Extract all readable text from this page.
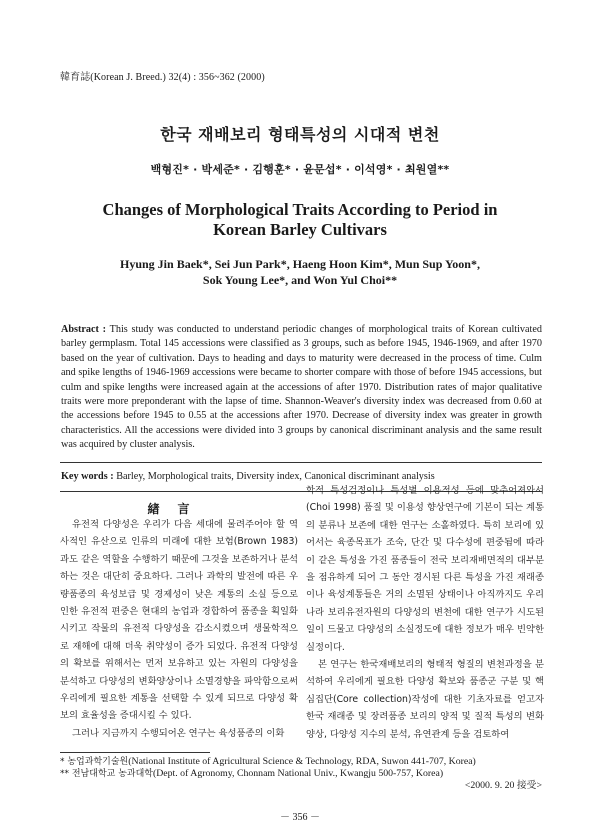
韓育誌(Korean J. Breed.) 32(4) : 356~362 (2000)
한국 재배보리 형태특성의 시대적 변천
백형진* · 박세준* · 김행훈* · 윤문섭* · 이석영* · 최원열**
Changes of Morphological Traits According to Period in
Korean Barley Cultivars
Hyung Jin Baek*, Sei Jun Park*, Haeng Hoon Kim*, Mun Sup Yoon*,
Sok Young Lee*, and Won Yul Choi**
Abstract : This study was conducted to understand periodic changes of morphological traits of Korean cultivated barley germplasm. Total 145 accessions were classified as 3 groups, such as before 1945, 1946-1969, and after 1970 based on the year of cultivation. Days to heading and days to maturity were decreased in the process of time. Culm and spike lengths of 1946-1969 accessions were became to shorter compare with those of before 1945 accessions, but culm and spike lengths were increased again at the accessions of after 1970. Distribution rates of major qualitative traits were more preponderant with the lapse of time. Shannon-Weaver's diversity index was decreased from 0.60 at the accessions before 1945 to 0.55 at the accessions after 1970. Decrease of diversity index was greater in growth characteristics. All the accessions were divided into 3 groups by canonical discriminant analysis and the same result was acquired by cluster analysis.
Key words : Barley, Morphological traits, Diversity index, Canonical discriminant analysis
緖言

유전적 다양성은 우리가 다음 세대에 물려주어야 할 역사적인 유산으로 인류의 미래에 대한 보험(Brown 1983)과도 같은 역할을 수행하기 때문에 그것을 보존하거나 분석하는 것은 대단히 중요하다. 그러나 과학의 발전에 따른 우량품종의 육성보급 및 경제성이 낮은 계통의 소실 등으로 인한 유전적 편중은 현대의 농업과 경합하여 품종을 획일화시키고 작물의 유전적 다양성을 감소시켰으며 생물학적으로 재해에 대해 더욱 취약성이 증가 되었다. 유전적 다양성의 확보를 위해서는 먼저 보유하고 있는 자원의 다양성을 분석하고 다양성의 변화양상이나 소멸경향을 파악함으로써 우리에게 필요한 계통을 선택할 수 있게 되므로 다양성 확보의 효율성을 증대시킬 수 있다.

그러나 지금까지 수행되어온 연구는 육성품종의 이화

학적 특성검정이나 특성별 이용적성 등에 맞추어져와서(Choi 1998) 품질 및 이용성 향상연구에 기본이 되는 계통의 분류나 보존에 대한 연구는 소홀하였다. 특히 보리에 있어서는 육종목표가 조숙, 단간 및 다수성에 편중됨에 따라 이 같은 특성을 가진 품종들이 전국 보리재배면적의 대부분을 점유하게 되어 그 동안 경시된 다른 특성을 가진 재래종이나 육성계통들은 거의 소멸된 상태이나 아직까지도 우리 나라 보리유전자원의 다양성의 변천에 대한 연구가 시도된 일이 드물고 다양성의 소실정도에 대한 정보가 매우 빈약한 실정이다.

본 연구는 한국재배보리의 형태적 형질의 변천과정을 분석하여 우리에게 필요한 다양성 확보와 품종군 구분 및 핵심집단(Core collection)작성에 대한 기초자료를 얻고자 한국 재래종 및 장려품종 보리의 양적 및 질적 특성의 변화양상, 다양성 지수의 분석, 유연관계 등을 검토하여

* 농업과학기술원(National Institute of Agricultural Science & Technology, RDA, Suwon 441-707, Korea)
** 전남대학교 농과대학(Dept. of Agronomy, Chonnam National Univ., Kwangju 500-757, Korea)
<2000. 9. 20 接受>
－ 356 －
